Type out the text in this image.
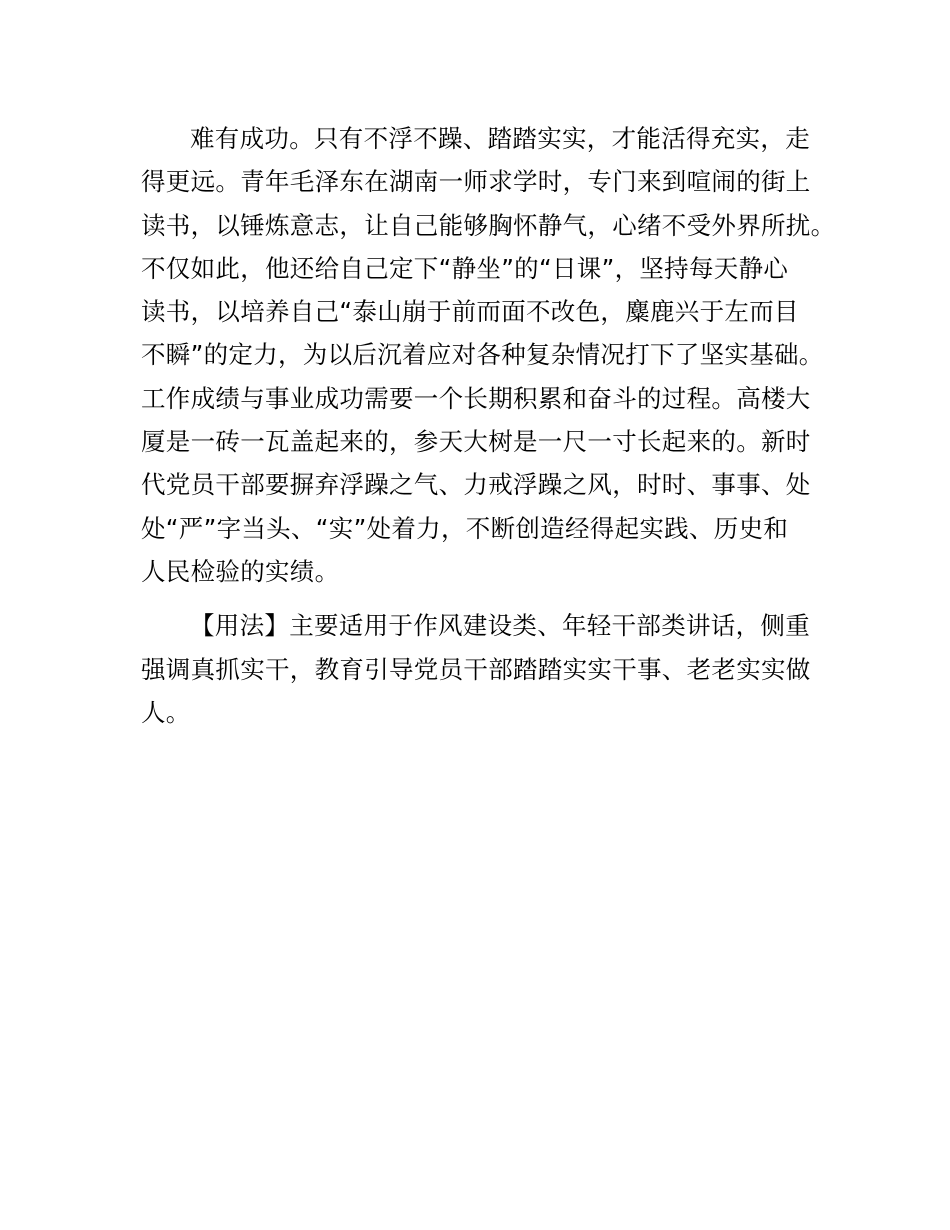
难有成功。只有不浮不躁、踏踏实实，才能活得充实，走
得更远。青年毛泽东在湖南一师求学时，专门来到喧闹的街上
读书，以锤炼意志，让自己能够胸怀静气，心绪不受外界所扰。
不仅如此，他还给自己定下“静坐”的“日课”，坚持每天静心
读书，以培养自己“泰山崩于前而面不改色，麋鹿兴于左而目
不瞬”的定力，为以后沉着应对各种复杂情况打下了坚实基础。
工作成绩与事业成功需要一个长期积累和奋斗的过程。高楼大
厦是一砖一瓦盖起来的，参天大树是一尺一寸长起来的。新时
代党员干部要摒弃浮躁之气、力戒浮躁之风，时时、事事、处
处“严”字当头、“实”处着力，不断创造经得起实践、历史和
人民检验的实绩。
【用法】主要适用于作风建设类、年轻干部类讲话，侧重
强调真抓实干，教育引导党员干部踏踏实实干事、老老实实做
人。
